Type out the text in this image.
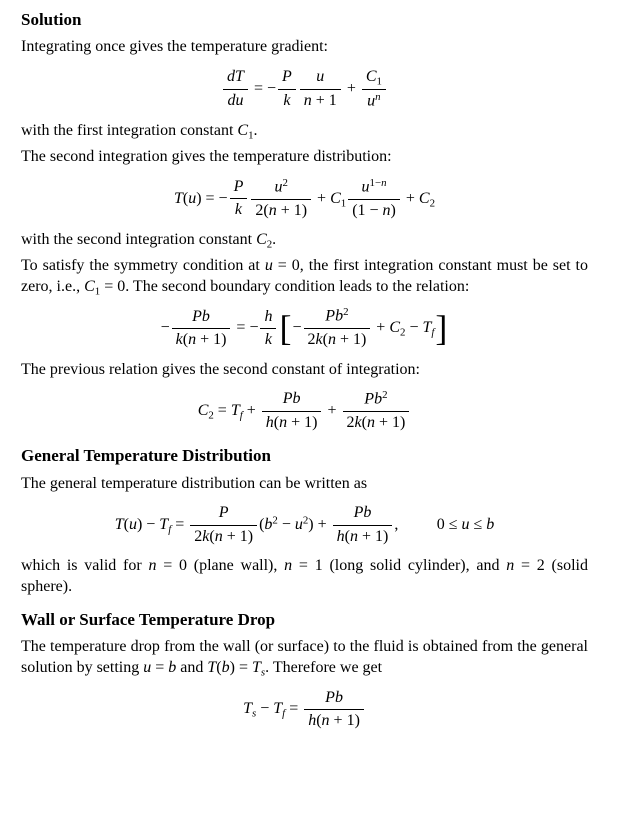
Solution

Integrating once gives the temperature gradient:

$\frac{dT}{du}$ = − $\frac{P}{k} \frac{u}{n + 1} + \frac{C_1}{u^n}$

with the first integration constant $C_1$.

The second integration gives the temperature distribution:

T(u) = − $\frac{P}{k} \frac{u^2}{2(n + 1)} + C_1 \frac{u^{1-n}}{(1 - n)} + C_2$

with the second integration constant $C_2$.

To satisfy the symmetry condition at u = 0, the first integration constant must be set to zero, i.e., $C_1 = 0$. The second boundary condition leads to the relation:

− $\frac{Pb}{k(n + 1)}$ = − $\frac{h}{k}$ [ − $\frac{Pb^2}{2k(n + 1)} + C_2 - T_f$ ]

The previous relation gives the second constant of integration:

$C_2 = T_f + \frac{Pb}{h(n + 1)} + \frac{Pb^2}{2k(n + 1)}$
General Temperature Distribution

The general temperature distribution can be written as

$T(u) - T_f = \frac{P}{2k(n + 1)} (b^2 - u^2) + \frac{Pb}{h(n + 1)}$ , 0 ≤ u ≤ b

which is valid for n = 0 (plane wall), n = 1 (long solid cylinder), and n = 2 (solid sphere).

Wall or Surface Temperature Drop

The temperature drop from the wall (or surface) to the fluid is obtained from the general solution by setting u = b and $T(b) = T_s$. Therefore we get

$T_s - T_f = \frac{Pb}{h(n + 1)}$
